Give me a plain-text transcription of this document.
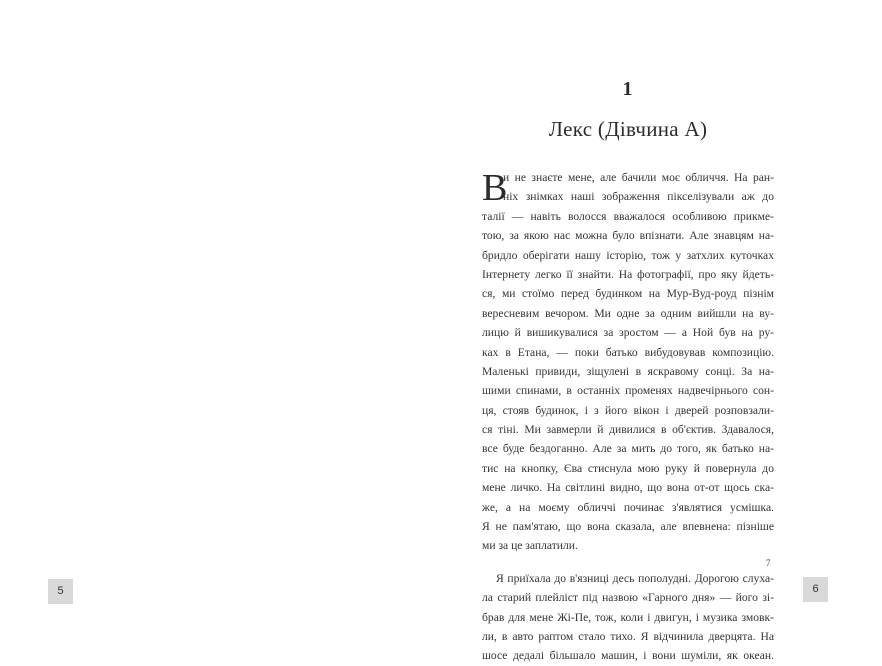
1
Лекс (Дівчина А)
В
и не знаєте мене, але бачили моє обличчя. На ран-
ніх знімках наші зображення пікселізували аж до
талії — навіть волосся вважалося особливою прикме-
тою, за якою нас можна було впізнати. Але знавцям на-
бридло оберігати нашу історію, тож у затхлих куточках
Інтернету легко її знайти. На фотографії, про яку йдеть-
ся, ми стоїмо перед будинком на Мур-Вуд-роуд пізнім
вересневим вечором. Ми одне за одним вийшли на ву-
лицю й вишикувалися за зростом — а Ной був на ру-
ках в Етана, — поки батько вибудовував композицію.
Маленькі привиди, зіщулені в яскравому сонці. За на-
шими спинами, в останніх променях надвечірнього сон-
ця, стояв будинок, і з його вікон і дверей розповзали-
ся тіні. Ми завмерли й дивилися в об'єктив. Здавалося,
все буде бездоганно. Але за мить до того, як батько на-
тис на кнопку, Єва стиснула мою руку й повернула до
мене личко. На світлині видно, що вона от-от щось ска-
же, а на моєму обличчі починає з'являтися усмішка.
Я не пам'ятаю, що вона сказала, але впевнена: пізніше
ми за це заплатили.
Я приїхала до в'язниці десь пополудні. Дорогою слуха-
ла старий плейліст під назвою «Гарного дня» — його зі-
брав для мене Жі-Пе, тож, коли і двигун, і музика змовк-
ли, в авто раптом стало тихо. Я відчинила дверцята. На
шосе дедалі більшало машин, і вони шуміли, як океан.
7
5	6
